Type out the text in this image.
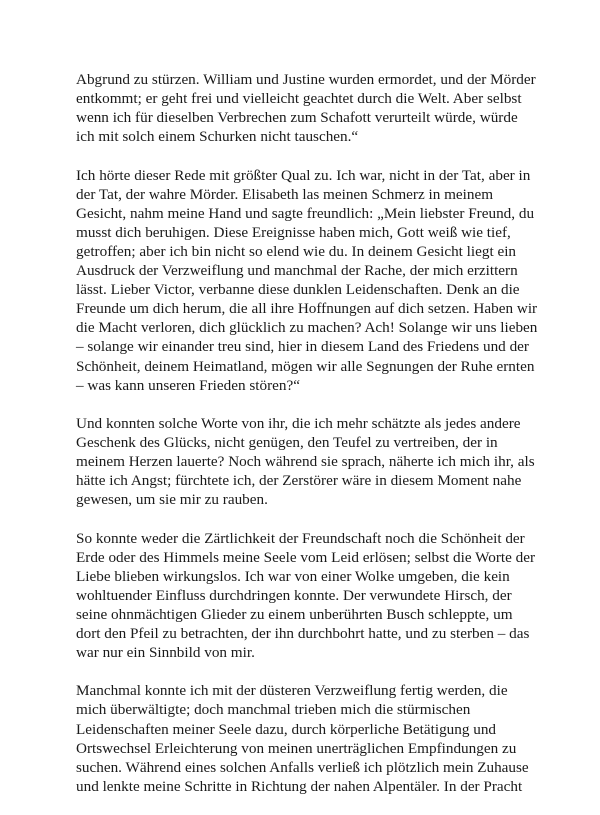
Abgrund zu stürzen. William und Justine wurden ermordet, und der Mörder
entkommt; er geht frei und vielleicht geachtet durch die Welt. Aber selbst
wenn ich für dieselben Verbrechen zum Schafott verurteilt würde, würde
ich mit solch einem Schurken nicht tauschen.“
Ich hörte dieser Rede mit größter Qual zu. Ich war, nicht in der Tat, aber in
der Tat, der wahre Mörder. Elisabeth las meinen Schmerz in meinem
Gesicht, nahm meine Hand und sagte freundlich: „Mein liebster Freund, du
musst dich beruhigen. Diese Ereignisse haben mich, Gott weiß wie tief,
getroffen; aber ich bin nicht so elend wie du. In deinem Gesicht liegt ein
Ausdruck der Verzweiflung und manchmal der Rache, der mich erzittern
lässt. Lieber Victor, verbanne diese dunklen Leidenschaften. Denk an die
Freunde um dich herum, die all ihre Hoffnungen auf dich setzen. Haben wir
die Macht verloren, dich glücklich zu machen? Ach! Solange wir uns lieben
– solange wir einander treu sind, hier in diesem Land des Friedens und der
Schönheit, deinem Heimatland, mögen wir alle Segnungen der Ruhe ernten
– was kann unseren Frieden stören?“
Und konnten solche Worte von ihr, die ich mehr schätzte als jedes andere
Geschenk des Glücks, nicht genügen, den Teufel zu vertreiben, der in
meinem Herzen lauerte? Noch während sie sprach, näherte ich mich ihr, als
hätte ich Angst; fürchtete ich, der Zerstörer wäre in diesem Moment nahe
gewesen, um sie mir zu rauben.
So konnte weder die Zärtlichkeit der Freundschaft noch die Schönheit der
Erde oder des Himmels meine Seele vom Leid erlösen; selbst die Worte der
Liebe blieben wirkungslos. Ich war von einer Wolke umgeben, die kein
wohltuender Einfluss durchdringen konnte. Der verwundete Hirsch, der
seine ohnmächtigen Glieder zu einem unberührten Busch schleppte, um
dort den Pfeil zu betrachten, der ihn durchbohrt hatte, und zu sterben – das
war nur ein Sinnbild von mir.
Manchmal konnte ich mit der düsteren Verzweiflung fertig werden, die
mich überwältigte; doch manchmal trieben mich die stürmischen
Leidenschaften meiner Seele dazu, durch körperliche Betätigung und
Ortswechsel Erleichterung von meinen unerträglichen Empfindungen zu
suchen. Während eines solchen Anfalls verließ ich plötzlich mein Zuhause
und lenkte meine Schritte in Richtung der nahen Alpentäler. In der Pracht
